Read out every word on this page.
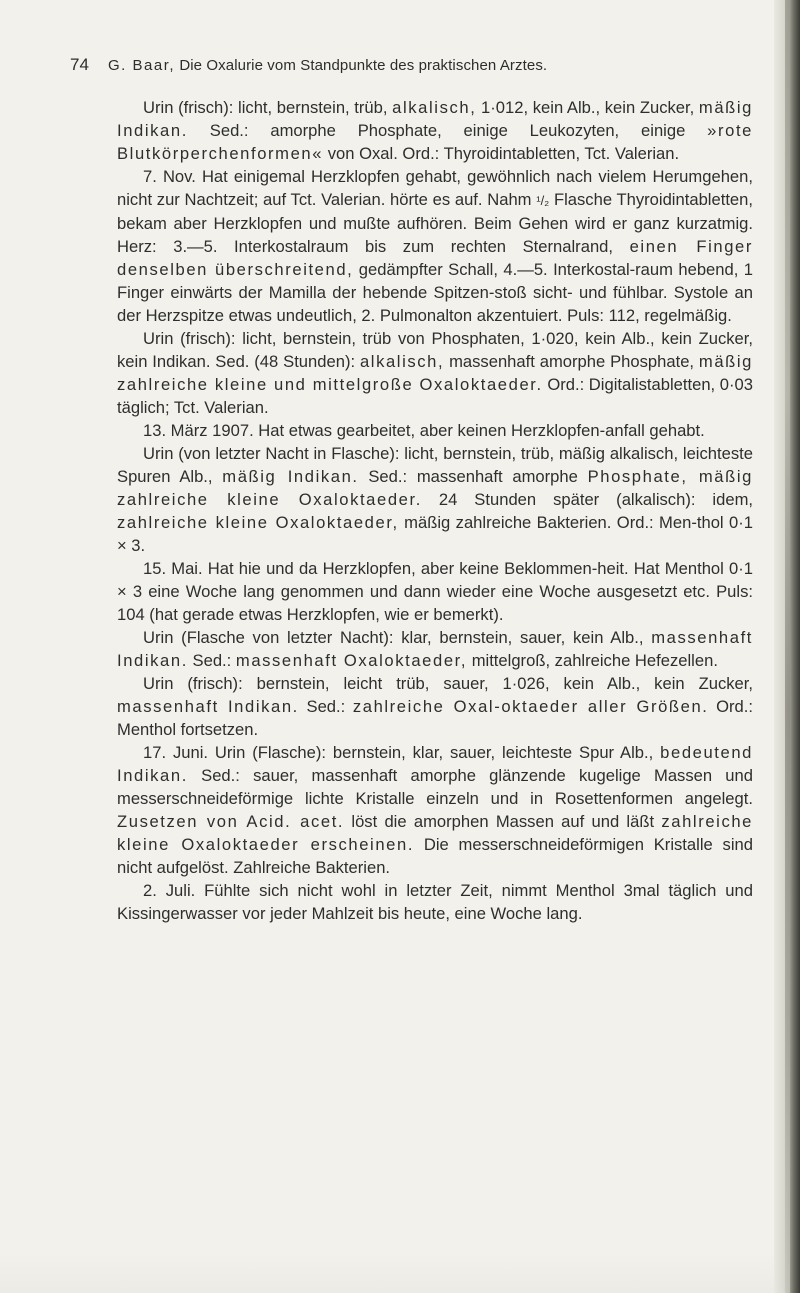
74 G. Baar, Die Oxalurie vom Standpunkte des praktischen Arztes.

Urin (frisch): licht, bernstein, trüb, alkalisch, 1·012, kein Alb., kein Zucker, mäßig Indikan. Sed.: amorphe Phosphate, einige Leukozyten, einige »rote Blutkörperchenformen« von Oxal. Ord.: Thyroidintabletten, Tct. Valerian.

7. Nov. Hat einigemal Herzklopfen gehabt, gewöhnlich nach vielem Herumgehen, nicht zur Nachtzeit; auf Tct. Valerian. hörte es auf. Nahm ¹/₂ Flasche Thyroidintabletten, bekam aber Herzklopfen und mußte aufhören. Beim Gehen wird er ganz kurzatmig. Herz: 3.—5. Interkostalraum bis zum rechten Sternalrand, einen Finger denselben überschreitend, gedämpfter Schall, 4.—5. Interkostal-raum hebend, 1 Finger einwärts der Mamilla der hebende Spitzen-stoß sicht- und fühlbar. Systole an der Herzspitze etwas undeutlich, 2. Pulmonalton akzentuiert. Puls: 112, regelmäßig.

Urin (frisch): licht, bernstein, trüb von Phosphaten, 1·020, kein Alb., kein Zucker, kein Indikan. Sed. (48 Stunden): alkalisch, massenhaft amorphe Phosphate, mäßig zahlreiche kleine und mittelgroße Oxaloktaeder. Ord.: Digitalistabletten, 0·03 täglich; Tct. Valerian.

13. März 1907. Hat etwas gearbeitet, aber keinen Herzklopfen-anfall gehabt.

Urin (von letzter Nacht in Flasche): licht, bernstein, trüb, mäßig alkalisch, leichteste Spuren Alb., mäßig Indikan. Sed.: massenhaft amorphe Phosphate, mäßig zahlreiche kleine Oxaloktaeder. 24 Stunden später (alkalisch): idem, zahlreiche kleine Oxaloktaeder, mäßig zahlreiche Bakterien. Ord.: Men-thol 0·1 × 3.

15. Mai. Hat hie und da Herzklopfen, aber keine Beklommen-heit. Hat Menthol 0·1 × 3 eine Woche lang genommen und dann wieder eine Woche ausgesetzt etc. Puls: 104 (hat gerade etwas Herzklopfen, wie er bemerkt).

Urin (Flasche von letzter Nacht): klar, bernstein, sauer, kein Alb., massenhaft Indikan. Sed.: massenhaft Oxaloktaeder, mittelgroß, zahlreiche Hefezellen.

Urin (frisch): bernstein, leicht trüb, sauer, 1·026, kein Alb., kein Zucker, massenhaft Indikan. Sed.: zahlreiche Oxal-oktaeder aller Größen. Ord.: Menthol fortsetzen.

17. Juni. Urin (Flasche): bernstein, klar, sauer, leichteste Spur Alb., bedeutend Indikan. Sed.: sauer, massenhaft amorphe glänzende kugelige Massen und messerschneideförmige lichte Kristalle einzeln und in Rosettenformen angelegt. Zusetzen von Acid. acet. löst die amorphen Massen auf und läßt zahlreiche kleine Oxaloktaeder erscheinen. Die messerschneideförmigen Kristalle sind nicht aufgelöst. Zahlreiche Bakterien.

2. Juli. Fühlte sich nicht wohl in letzter Zeit, nimmt Menthol 3mal täglich und Kissingerwasser vor jeder Mahlzeit bis heute, eine Woche lang.
